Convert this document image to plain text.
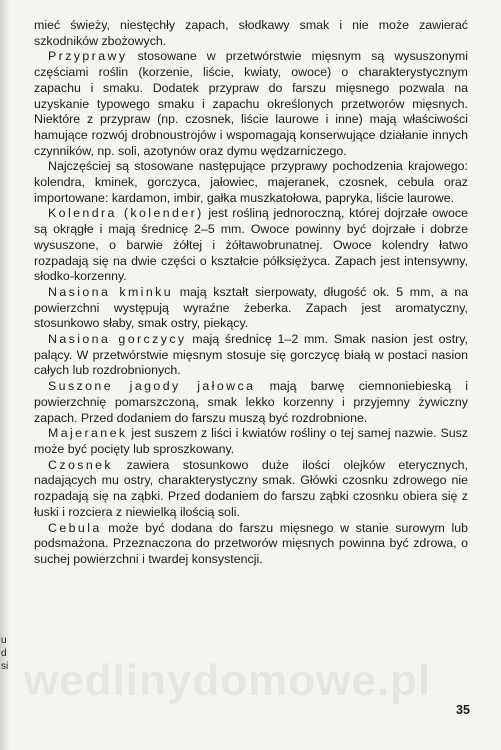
mieć świeży, niestęchły zapach, słodkawy smak i nie może zawierać szkodników zbożowych.

Przyprawy stosowane w przetwórstwie mięsnym są wysuszonymi częściami roślin (korzenie, liście, kwiaty, owoce) o charakterystycznym zapachu i smaku. Dodatek przypraw do farszu mięsnego pozwala na uzyskanie typowego smaku i zapachu określonych przetworów mięsnych. Niektóre z przypraw (np. czosnek, liście laurowe i inne) mają właściwości hamujące rozwój drobnoustrojów i wspomagają konserwujące działanie innych czynników, np. soli, azotynów oraz dymu wędzarniczego.

Najczęściej są stosowane następujące przyprawy pochodzenia krajowego: kolendra, kminek, gorczyca, jałowiec, majeranek, czosnek, cebula oraz importowane: kardamon, imbir, gałka muszkatołowa, papryka, liście laurowe.

Kolendra (kolender) jest rośliną jednoroczną, której dojrzałe owoce są okrągłe i mają średnicę 2–5 mm. Owoce powinny być dojrzałe i dobrze wysuszone, o barwie żółtej i żółtawobrunatnej. Owoce kolendry łatwo rozpadają się na dwie części o kształcie półksiężyca. Zapach jest intensywny, słodko-korzenny.

Nasiona kminku mają kształt sierpowaty, długość ok. 5 mm, a na powierzchni występują wyraźne żeberka. Zapach jest aromatyczny, stosunkowo słaby, smak ostry, piekący.

Nasiona gorczycy mają średnicę 1–2 mm. Smak nasion jest ostry, palący. W przetwórstwie mięsnym stosuje się gorczycę białą w postaci nasion całych lub rozdrobnionych.

Suszone jagody jałowca mają barwę ciemnoniebieską i powierzchnię pomarszczoną, smak lekko korzenny i przyjemny żywiczny zapach. Przed dodaniem do farszu muszą być rozdrobnione.

Majeranek jest suszem z liści i kwiatów rośliny o tej samej nazwie. Susz może być pocięty lub sproszkowany.

Czosnek zawiera stosunkowo duże ilości olejków eterycznych, nadających mu ostry, charakterystyczny smak. Główki czosnku zdrowego nie rozpadają się na ząbki. Przed dodaniem do farszu ząbki czosnku obiera się z łuski i rozciera z niewielką ilością soli.

Cebula może być dodana do farszu mięsnego w stanie surowym lub podsmażona. Przeznaczona do przetworów mięsnych powinna być zdrowa, o suchej powierzchni i twardej konsystencji.

u
d
si wedlinydomowe.pl
35
